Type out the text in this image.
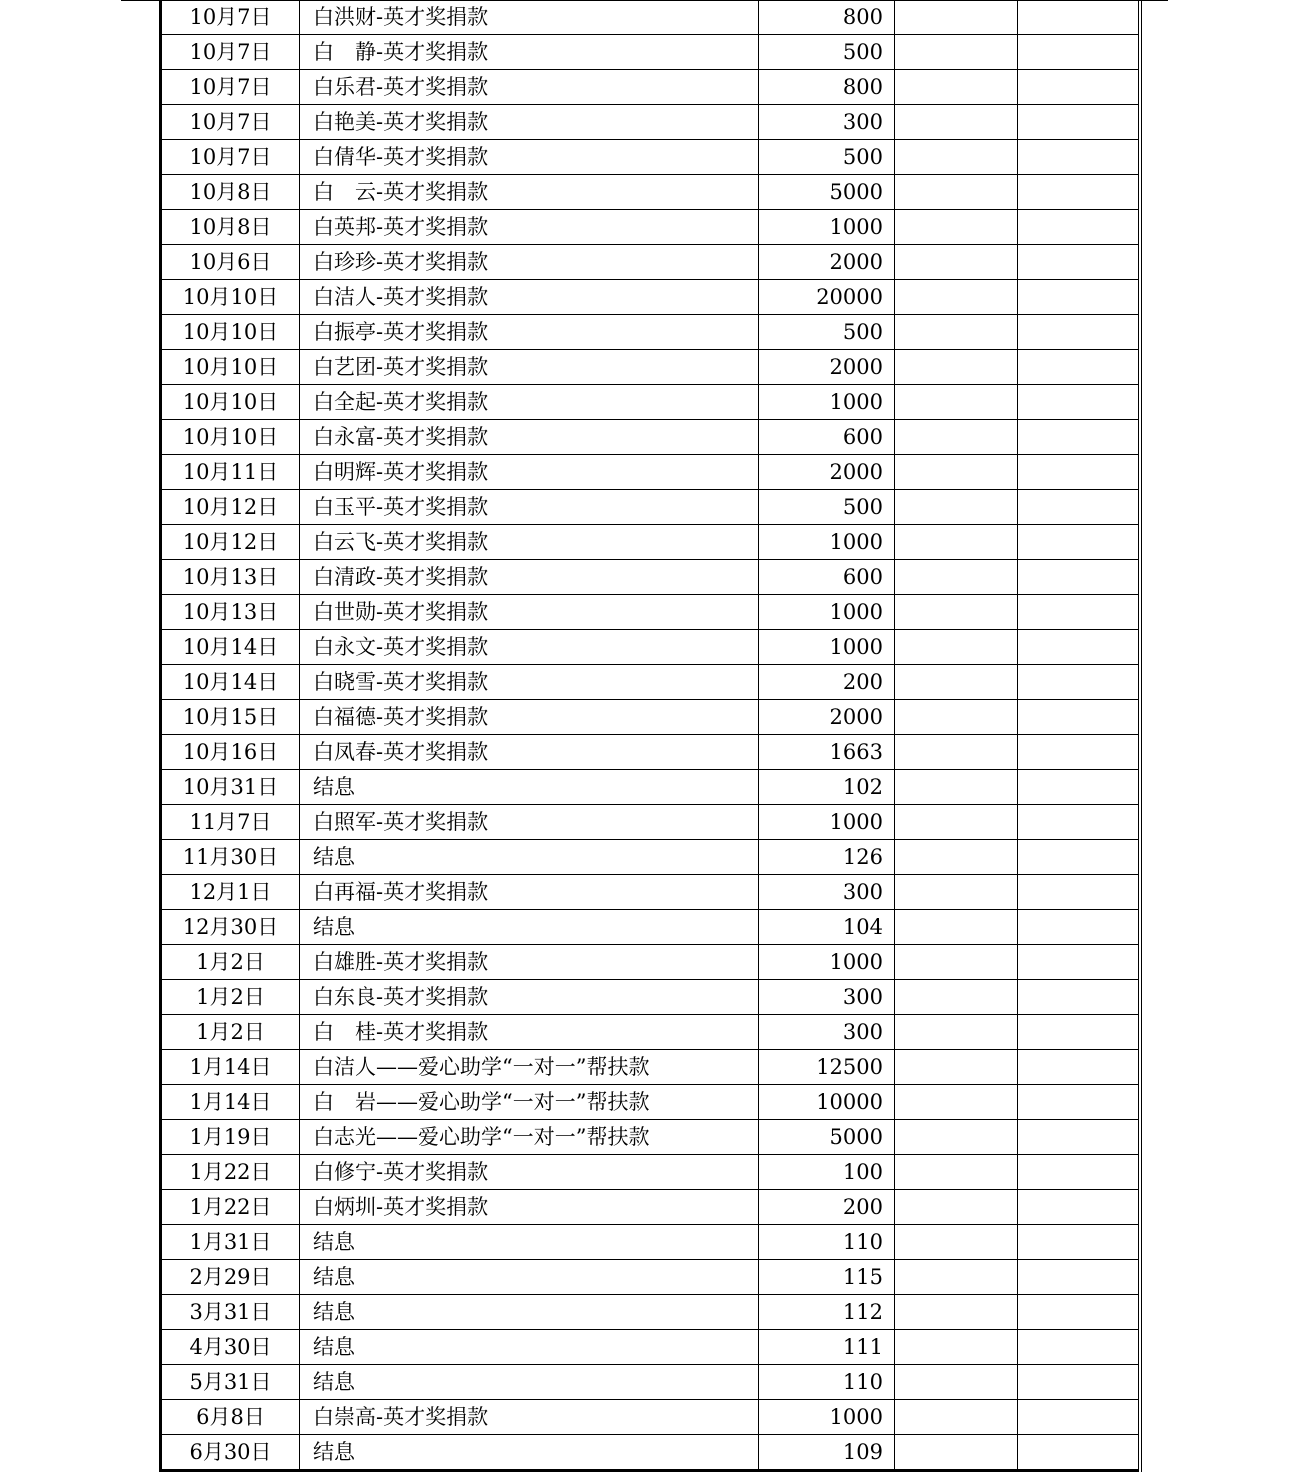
10月7日	白洪财-英才奖捐款	800		
10月7日	白　静-英才奖捐款	500		
10月7日	白乐君-英才奖捐款	800		
10月7日	白艳美-英才奖捐款	300		
10月7日	白倩华-英才奖捐款	500		
10月8日	白　云-英才奖捐款	5000		
10月8日	白英邦-英才奖捐款	1000		
10月6日	白珍珍-英才奖捐款	2000		
10月10日	白洁人-英才奖捐款	20000		
10月10日	白振亭-英才奖捐款	500		
10月10日	白艺团-英才奖捐款	2000		
10月10日	白全起-英才奖捐款	1000		
10月10日	白永富-英才奖捐款	600		
10月11日	白明辉-英才奖捐款	2000		
10月12日	白玉平-英才奖捐款	500		
10月12日	白云飞-英才奖捐款	1000		
10月13日	白清政-英才奖捐款	600		
10月13日	白世勋-英才奖捐款	1000		
10月14日	白永文-英才奖捐款	1000		
10月14日	白晓雪-英才奖捐款	200		
10月15日	白福德-英才奖捐款	2000		
10月16日	白凤春-英才奖捐款	1663		
10月31日	结息	102		
11月7日	白照军-英才奖捐款	1000		
11月30日	结息	126		
12月1日	白再福-英才奖捐款	300		
12月30日	结息	104		
1月2日	白雄胜-英才奖捐款	1000		
1月2日	白东良-英才奖捐款	300		
1月2日	白　桂-英才奖捐款	300		
1月14日	白洁人——爱心助学“一对一”帮扶款	12500		
1月14日	白　岩——爱心助学“一对一”帮扶款	10000		
1月19日	白志光——爱心助学“一对一”帮扶款	5000		
1月22日	白修宁-英才奖捐款	100		
1月22日	白炳圳-英才奖捐款	200		
1月31日	结息	110		
2月29日	结息	115		
3月31日	结息	112		
4月30日	结息	111		
5月31日	结息	110		
6月8日	白崇高-英才奖捐款	1000		
6月30日	结息	109		
